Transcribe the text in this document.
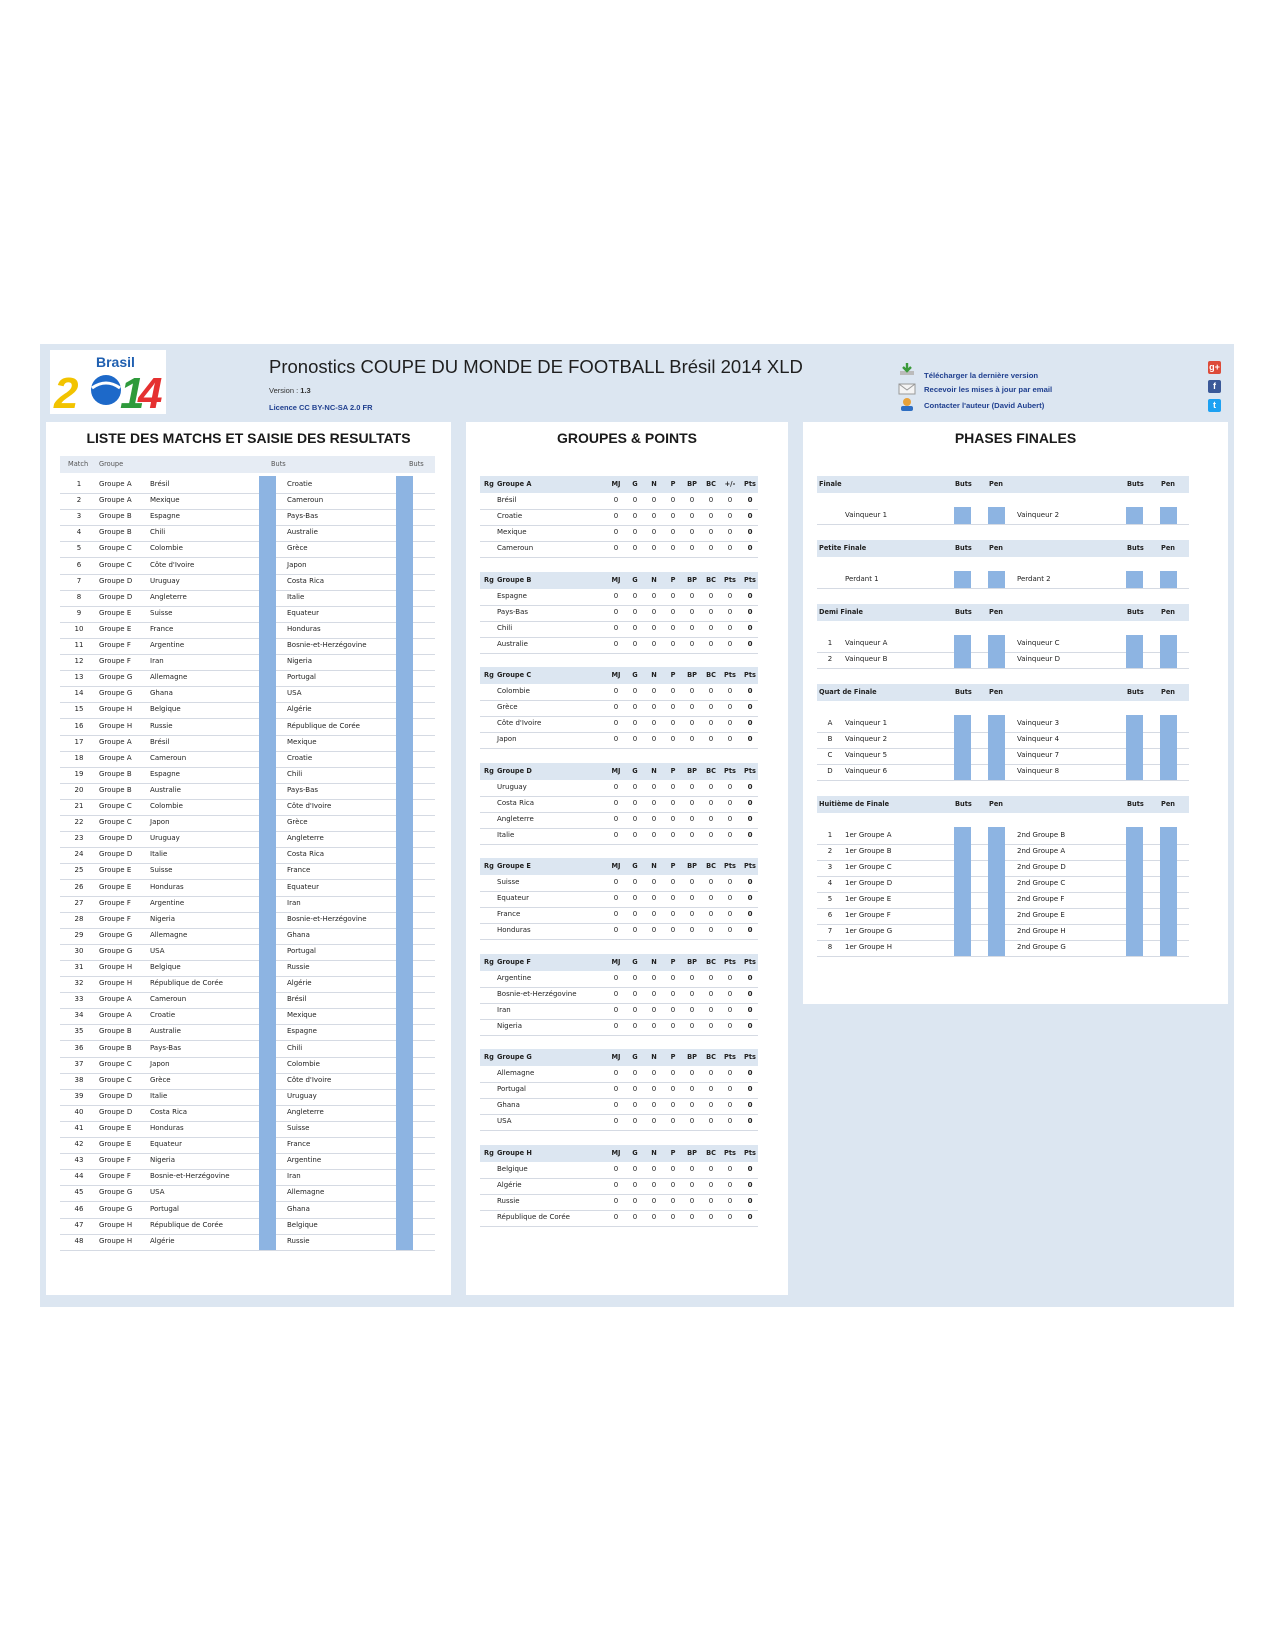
Brasil
2 1
4
Pronostics COUPE DU MONDE DE FOOTBALL Brésil 2014 XLD
Version : 1.3
Licence CC BY-NC-SA 2.0 FR
Télécharger la dernière version
Recevoir les mises à jour par email
Contacter l'auteur (David Aubert)
g+
f
t
LISTE DES MATCHS ET SAISIE DES RESULTATS
Match Groupe	Buts	Buts
1	Groupe A	Brésil	Croatie
2	Groupe A	Mexique	Cameroun
3	Groupe B	Espagne	Pays-Bas
4	Groupe B	Chili	Australie
5	Groupe C	Colombie	Grèce
6	Groupe C	Côte d'Ivoire	Japon
7	Groupe D	Uruguay	Costa Rica
8	Groupe D	Angleterre	Italie
9	Groupe E	Suisse	Equateur
10	Groupe E	France	Honduras
11	Groupe F	Argentine	Bosnie-et-Herzégovine
12	Groupe F	Iran	Nigeria
13	Groupe G	Allemagne	Portugal
14	Groupe G	Ghana	USA
15	Groupe H	Belgique	Algérie
16	Groupe H	Russie	République de Corée
17	Groupe A	Brésil	Mexique
18	Groupe A	Cameroun	Croatie
19	Groupe B	Espagne	Chili
20	Groupe B	Australie	Pays-Bas
21	Groupe C	Colombie	Côte d'Ivoire
22	Groupe C	Japon	Grèce
23	Groupe D	Uruguay	Angleterre
24	Groupe D	Italie	Costa Rica
25	Groupe E	Suisse	France
26	Groupe E	Honduras	Equateur
27	Groupe F	Argentine	Iran
28	Groupe F	Nigeria	Bosnie-et-Herzégovine
29	Groupe G	Allemagne	Ghana
30	Groupe G	USA	Portugal
31	Groupe H	Belgique	Russie
32	Groupe H	République de Corée	Algérie
33	Groupe A	Cameroun	Brésil
34	Groupe A	Croatie	Mexique
35	Groupe B	Australie	Espagne
36	Groupe B	Pays-Bas	Chili
37	Groupe C	Japon	Colombie
38	Groupe C	Grèce	Côte d'Ivoire
39	Groupe D	Italie	Uruguay
40	Groupe D	Costa Rica	Angleterre
41	Groupe E	Honduras	Suisse
42	Groupe E	Equateur	France
43	Groupe F	Nigeria	Argentine
44	Groupe F	Bosnie-et-Herzégovine	Iran
45	Groupe G	USA	Allemagne
46	Groupe G	Portugal	Ghana
47	Groupe H	République de Corée	Belgique
48	Groupe H	Algérie	Russie
GROUPES & POINTS
Rg Groupe A	MJ	G	N	P	BP	BC	+/-	Pts
Brésil	0	0	0	0	0	0	0	0
Croatie	0	0	0	0	0	0	0	0
Mexique	0	0	0	0	0	0	0	0
Cameroun	0	0	0	0	0	0	0	0
Rg Groupe B	MJ	G	N	P	BP	BC	Pts	Pts
Espagne	0	0	0	0	0	0	0	0
Pays-Bas	0	0	0	0	0	0	0	0
Chili	0	0	0	0	0	0	0	0
Australie	0	0	0	0	0	0	0	0
Rg Groupe C	MJ	G	N	P	BP	BC	Pts	Pts
Colombie	0	0	0	0	0	0	0	0
Grèce	0	0	0	0	0	0	0	0
Côte d'Ivoire	0	0	0	0	0	0	0	0
Japon	0	0	0	0	0	0	0	0
Rg Groupe D	MJ	G	N	P	BP	BC	Pts	Pts
Uruguay	0	0	0	0	0	0	0	0
Costa Rica	0	0	0	0	0	0	0	0
Angleterre	0	0	0	0	0	0	0	0
Italie	0	0	0	0	0	0	0	0
Rg Groupe E	MJ	G	N	P	BP	BC	Pts	Pts
Suisse	0	0	0	0	0	0	0	0
Equateur	0	0	0	0	0	0	0	0
France	0	0	0	0	0	0	0	0
Honduras	0	0	0	0	0	0	0	0
Rg Groupe F	MJ	G	N	P	BP	BC	Pts	Pts
Argentine	0	0	0	0	0	0	0	0
Bosnie-et-Herzégovine	0	0	0	0	0	0	0	0
Iran	0	0	0	0	0	0	0	0
Nigeria	0	0	0	0	0	0	0	0
Rg Groupe G	MJ	G	N	P	BP	BC	Pts	Pts
Allemagne	0	0	0	0	0	0	0	0
Portugal	0	0	0	0	0	0	0	0
Ghana	0	0	0	0	0	0	0	0
USA	0	0	0	0	0	0	0	0
Rg Groupe H	MJ	G	N	P	BP	BC	Pts	Pts
Belgique	0	0	0	0	0	0	0	0
Algérie	0	0	0	0	0	0	0	0
Russie	0	0	0	0	0	0	0	0
République de Corée	0	0	0	0	0	0	0	0
PHASES FINALES
Finale	Buts	Pen	Buts	Pen
Vainqueur 1	Vainqueur 2
Petite Finale	Buts	Pen	Buts	Pen
Perdant 1	Perdant 2
Demi Finale	Buts	Pen	Buts	Pen
1	Vainqueur A	Vainqueur C
2	Vainqueur B	Vainqueur D
Quart de Finale	Buts	Pen	Buts	Pen
A	Vainqueur 1	Vainqueur 3
B	Vainqueur 2	Vainqueur 4
C	Vainqueur 5	Vainqueur 7
D	Vainqueur 6	Vainqueur 8
Huitième de Finale	Buts	Pen	Buts	Pen
1	1er Groupe A	2nd Groupe B
2	1er Groupe B	2nd Groupe A
3	1er Groupe C	2nd Groupe D
4	1er Groupe D	2nd Groupe C
5	1er Groupe E	2nd Groupe F
6	1er Groupe F	2nd Groupe E
7	1er Groupe G	2nd Groupe H
8	1er Groupe H	2nd Groupe G
